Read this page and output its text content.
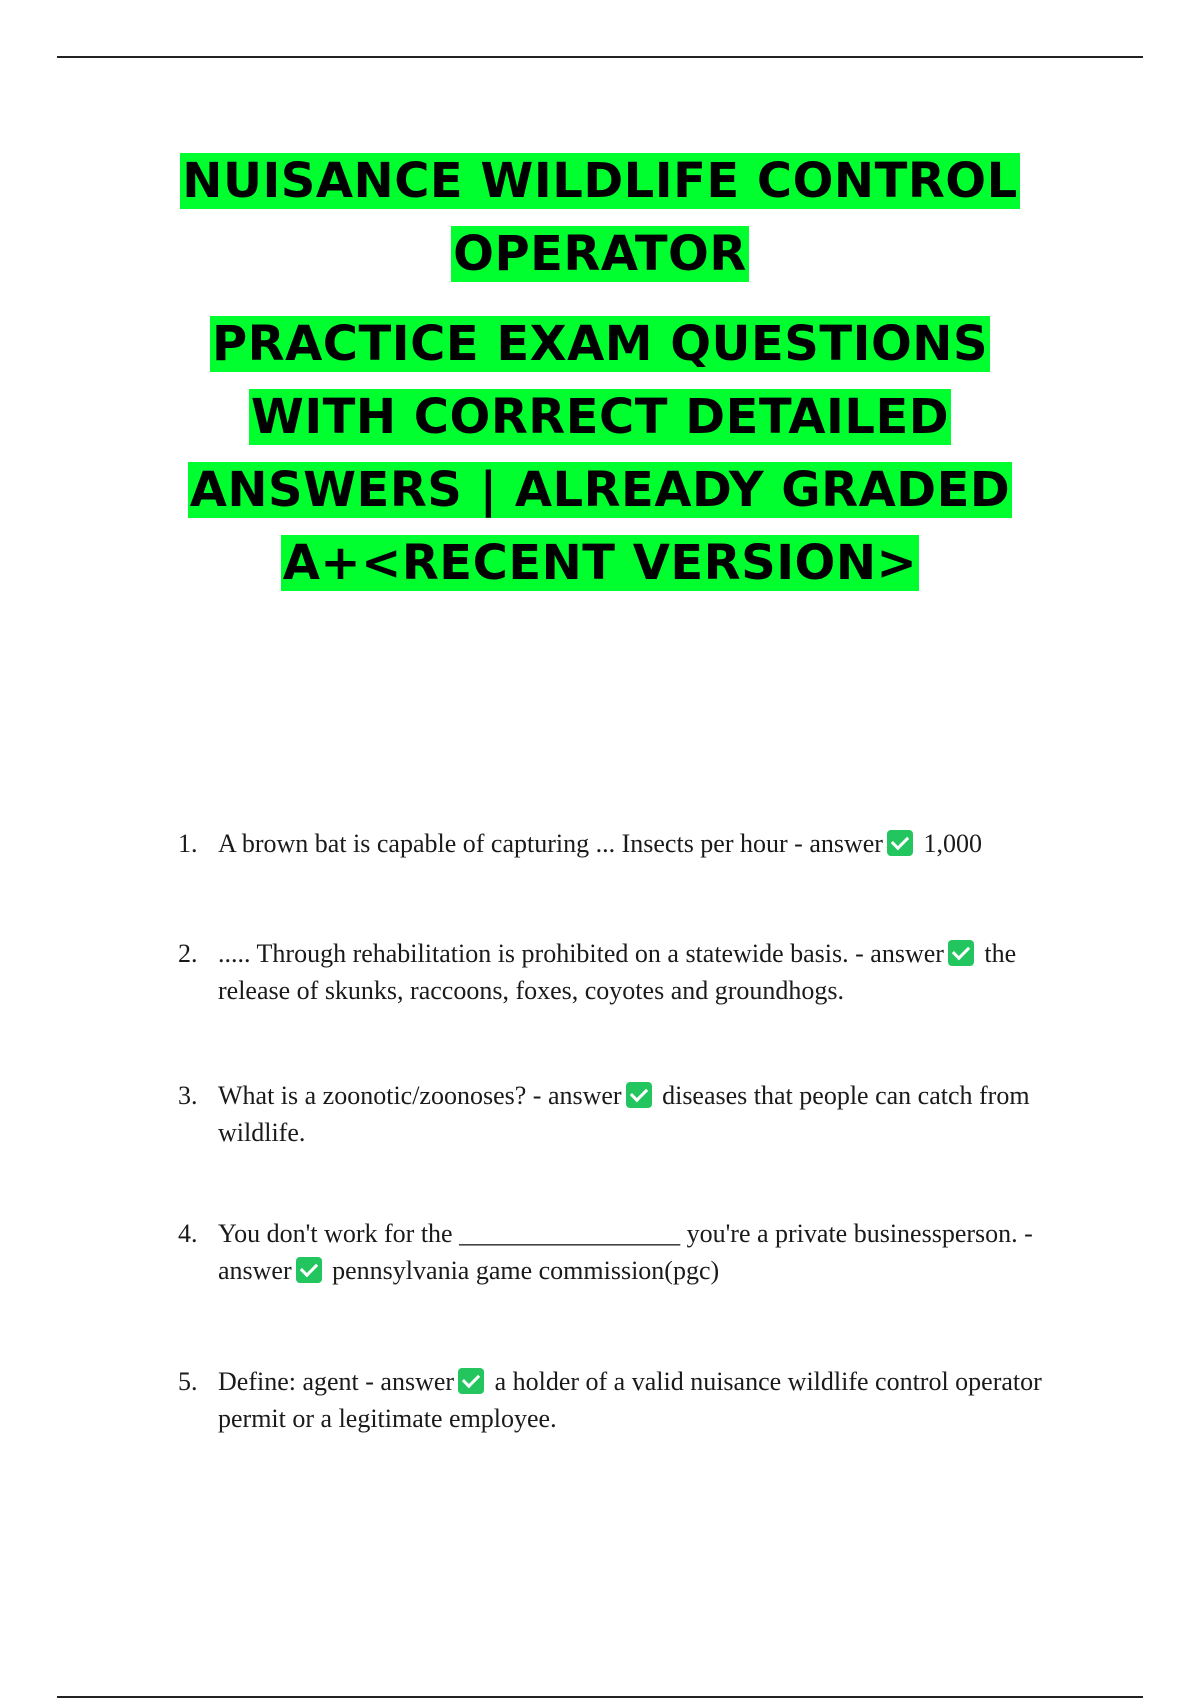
NUISANCE WILDLIFE CONTROL
OPERATOR
PRACTICE EXAM QUESTIONS
WITH CORRECT DETAILED
ANSWERS | ALREADY GRADED
A+<RECENT VERSION>
1. A brown bat is capable of capturing ... Insects per hour - answer 1,000
2. ..... Through rehabilitation is prohibited on a statewide basis. - answer the release of skunks, raccoons, foxes, coyotes and groundhogs.
3. What is a zoonotic/zoonoses? - answer diseases that people can catch from wildlife.
4. You don't work for the _________________ you're a private businessperson. - answer pennsylvania game commission(pgc)
5. Define: agent - answer a holder of a valid nuisance wildlife control operator permit or a legitimate employee.
